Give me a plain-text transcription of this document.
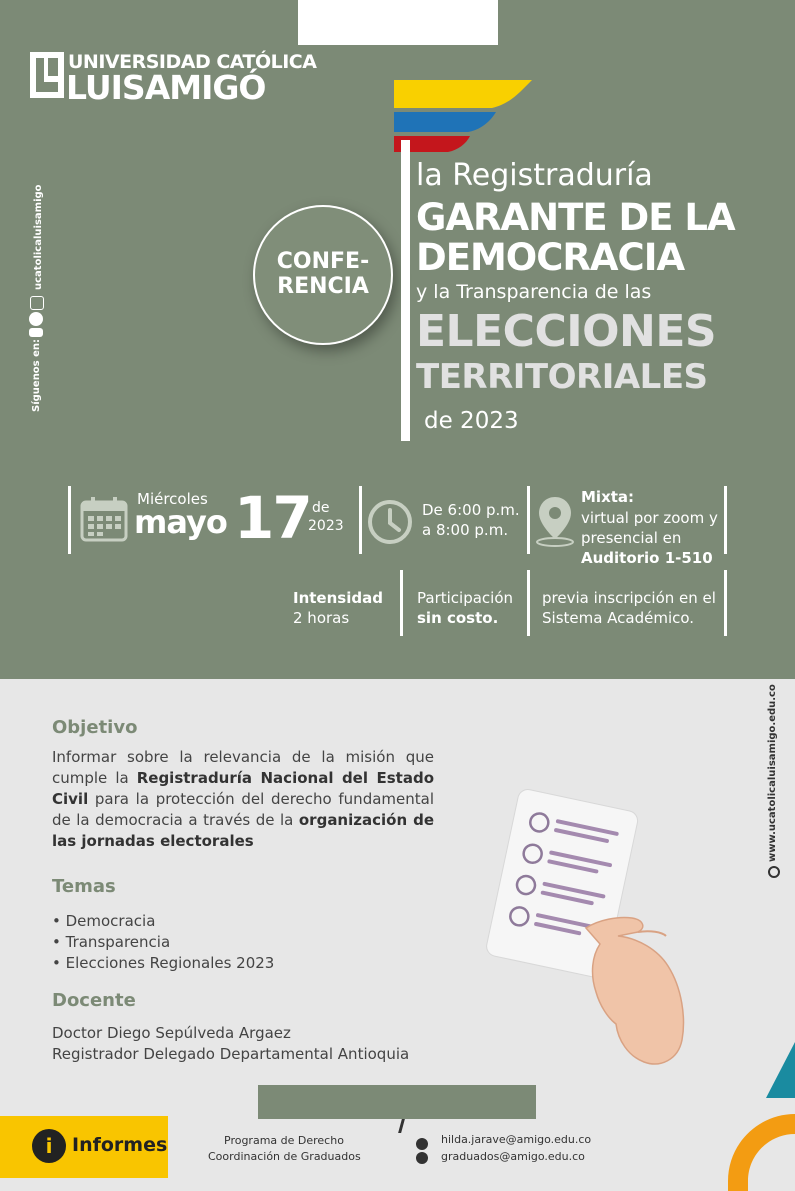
UNIVERSIDAD CATÓLICA
LUISAMIGÓ
Síguenos en:
ucatolicaluisamigo	CONFE-
RENCIA
la Registraduría
GARANTE DE LA
DEMOCRACIA
y la Transparencia de las
ELECCIONES
TERRITORIALES
de 2023
Miércoles
mayo 17 de
2023
De 6:00 p.m.
a 8:00 p.m.
Mixta:
virtual por zoom y
presencial en
Auditorio 1-510
Intensidad
2 horas
Participación
sin costo.
previa inscripción en el
Sistema Académico.
Objetivo
Informar sobre la relevancia de la misión que cumple la Registraduría Nacional del Estado Civil para la protección del derecho fundamental de la democracia a través de la organización de las jornadas electorales
Temas
• Democracia
• Transparencia
• Elecciones Regionales 2023
Docente
Doctor Diego Sepúlveda Argaez
Registrador Delegado Departamental Antioquia
www.ucatolicaluisamigo.edu.co
i	Informes	Programa de Derecho
Coordinación de Graduados
hilda.jarave@amigo.edu.co
graduados@amigo.edu.co
